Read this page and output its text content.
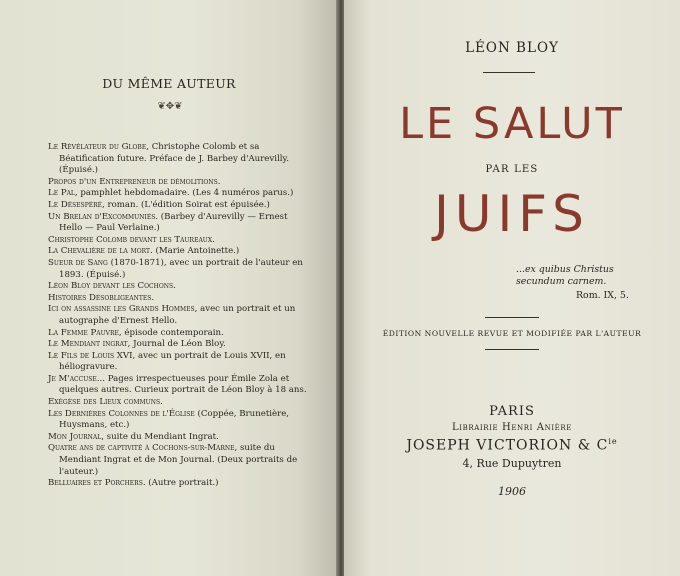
DU MÊME AUTEUR
❦✥❦
Le Révélateur du Globe, Christophe Colomb et sa Béatification future. Préface de J. Barbey d'Aurevilly. (Épuisé.)
Propos d'un Entrepreneur de démolitions.
Le Pal, pamphlet hebdomadaire. (Les 4 numéros parus.)
Le Désespéré, roman. (L'édition Soirat est épuisée.)
Un Brelan d'Excommuniés. (Barbey d'Aurevilly — Ernest Hello — Paul Verlaine.)
Christophe Colomb devant les Taureaux.
La Chevalière de la mort. (Marie Antoinette.)
Sueur de Sang (1870-1871), avec un portrait de l'auteur en 1893. (Épuisé.)
Léon Bloy devant les Cochons.
Histoires Désobligeantes.
Ici on assassine les Grands Hommes, avec un portrait et un autographe d'Ernest Hello.
La Femme Pauvre, épisode contemporain.
Le Mendiant ingrat, Journal de Léon Bloy.
Le Fils de Louis XVI, avec un portrait de Louis XVII, en héliogravure.
Je M'accuse... Pages irrespectueuses pour Émile Zola et quelques autres. Curieux portrait de Léon Bloy à 18 ans.
Exégèse des Lieux communs.
Les Dernières Colonnes de l'Église (Coppée, Brunetière, Huysmans, etc.)
Mon Journal, suite du Mendiant Ingrat.
Quatre ans de captivité à Cochons-sur-Marne, suite du Mendiant Ingrat et de Mon Journal. (Deux portraits de l'auteur.)
Belluaires et Porchers. (Autre portrait.)
LÉON BLOY
LE SALUT
PAR LES
JUIFS
...ex quibus Christus
secundum carnem.
Rom. IX, 5.
ÉDITION NOUVELLE REVUE ET MODIFIÉE PAR L'AUTEUR
PARIS
Librairie Henri Anière
JOSEPH VICTORION & $C^{ie}$
4, Rue Dupuytren
1906
